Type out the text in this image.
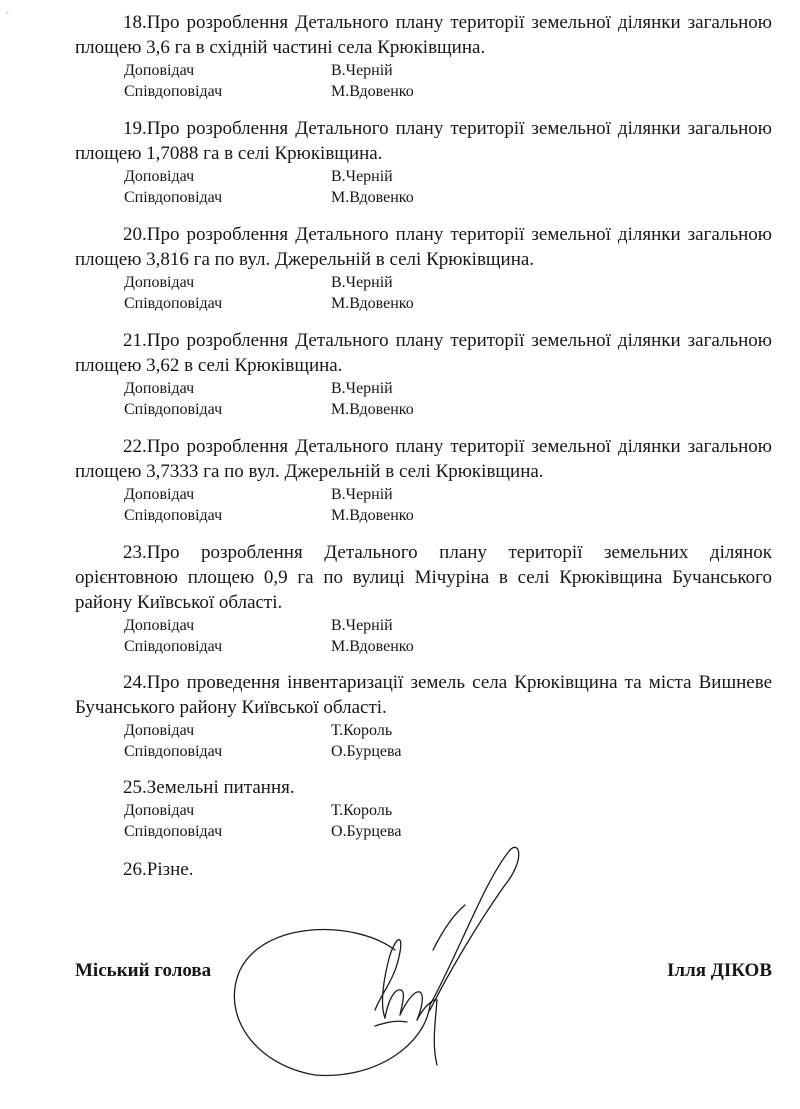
ˋ	18.Про розроблення Детального плану території земельної ділянки загальною площею 3,6 га в східній частині села Крюківщина.

Доповідач	В.Черній
Співдоповідач	М.Вдовенко

19.Про розроблення Детального плану території земельної ділянки загальною площею 1,7088 га в селі Крюківщина.

Доповідач	В.Черній
Співдоповідач	М.Вдовенко

20.Про розроблення Детального плану території земельної ділянки загальною площею 3,816 га по вул. Джерельній в селі Крюківщина.

Доповідач	В.Черній
Співдоповідач	М.Вдовенко

21.Про розроблення Детального плану території земельної ділянки загальною площею 3,62 в селі Крюківщина.

Доповідач	В.Черній
Співдоповідач	М.Вдовенко

22.Про розроблення Детального плану території земельної ділянки загальною площею 3,7333 га по вул. Джерельній в селі Крюківщина.

Доповідач	В.Черній
Співдоповідач	М.Вдовенко

23.Про розроблення Детального плану території земельних ділянок орієнтовною площею 0,9 га по вулиці Мічуріна в селі Крюківщина Бучанського району Київської області.

Доповідач	В.Черній
Співдоповідач	М.Вдовенко

24.Про проведення інвентаризації земель села Крюківщина та міста Вишневе Бучанського району Київської області.

Доповідач	Т.Король
Співдоповідач	О.Бурцева

25.Земельні питання.

Доповідач	Т.Король
Співдоповідач	О.Бурцева

26.Різне.

Міський голова	Ілля ДІКОВ
